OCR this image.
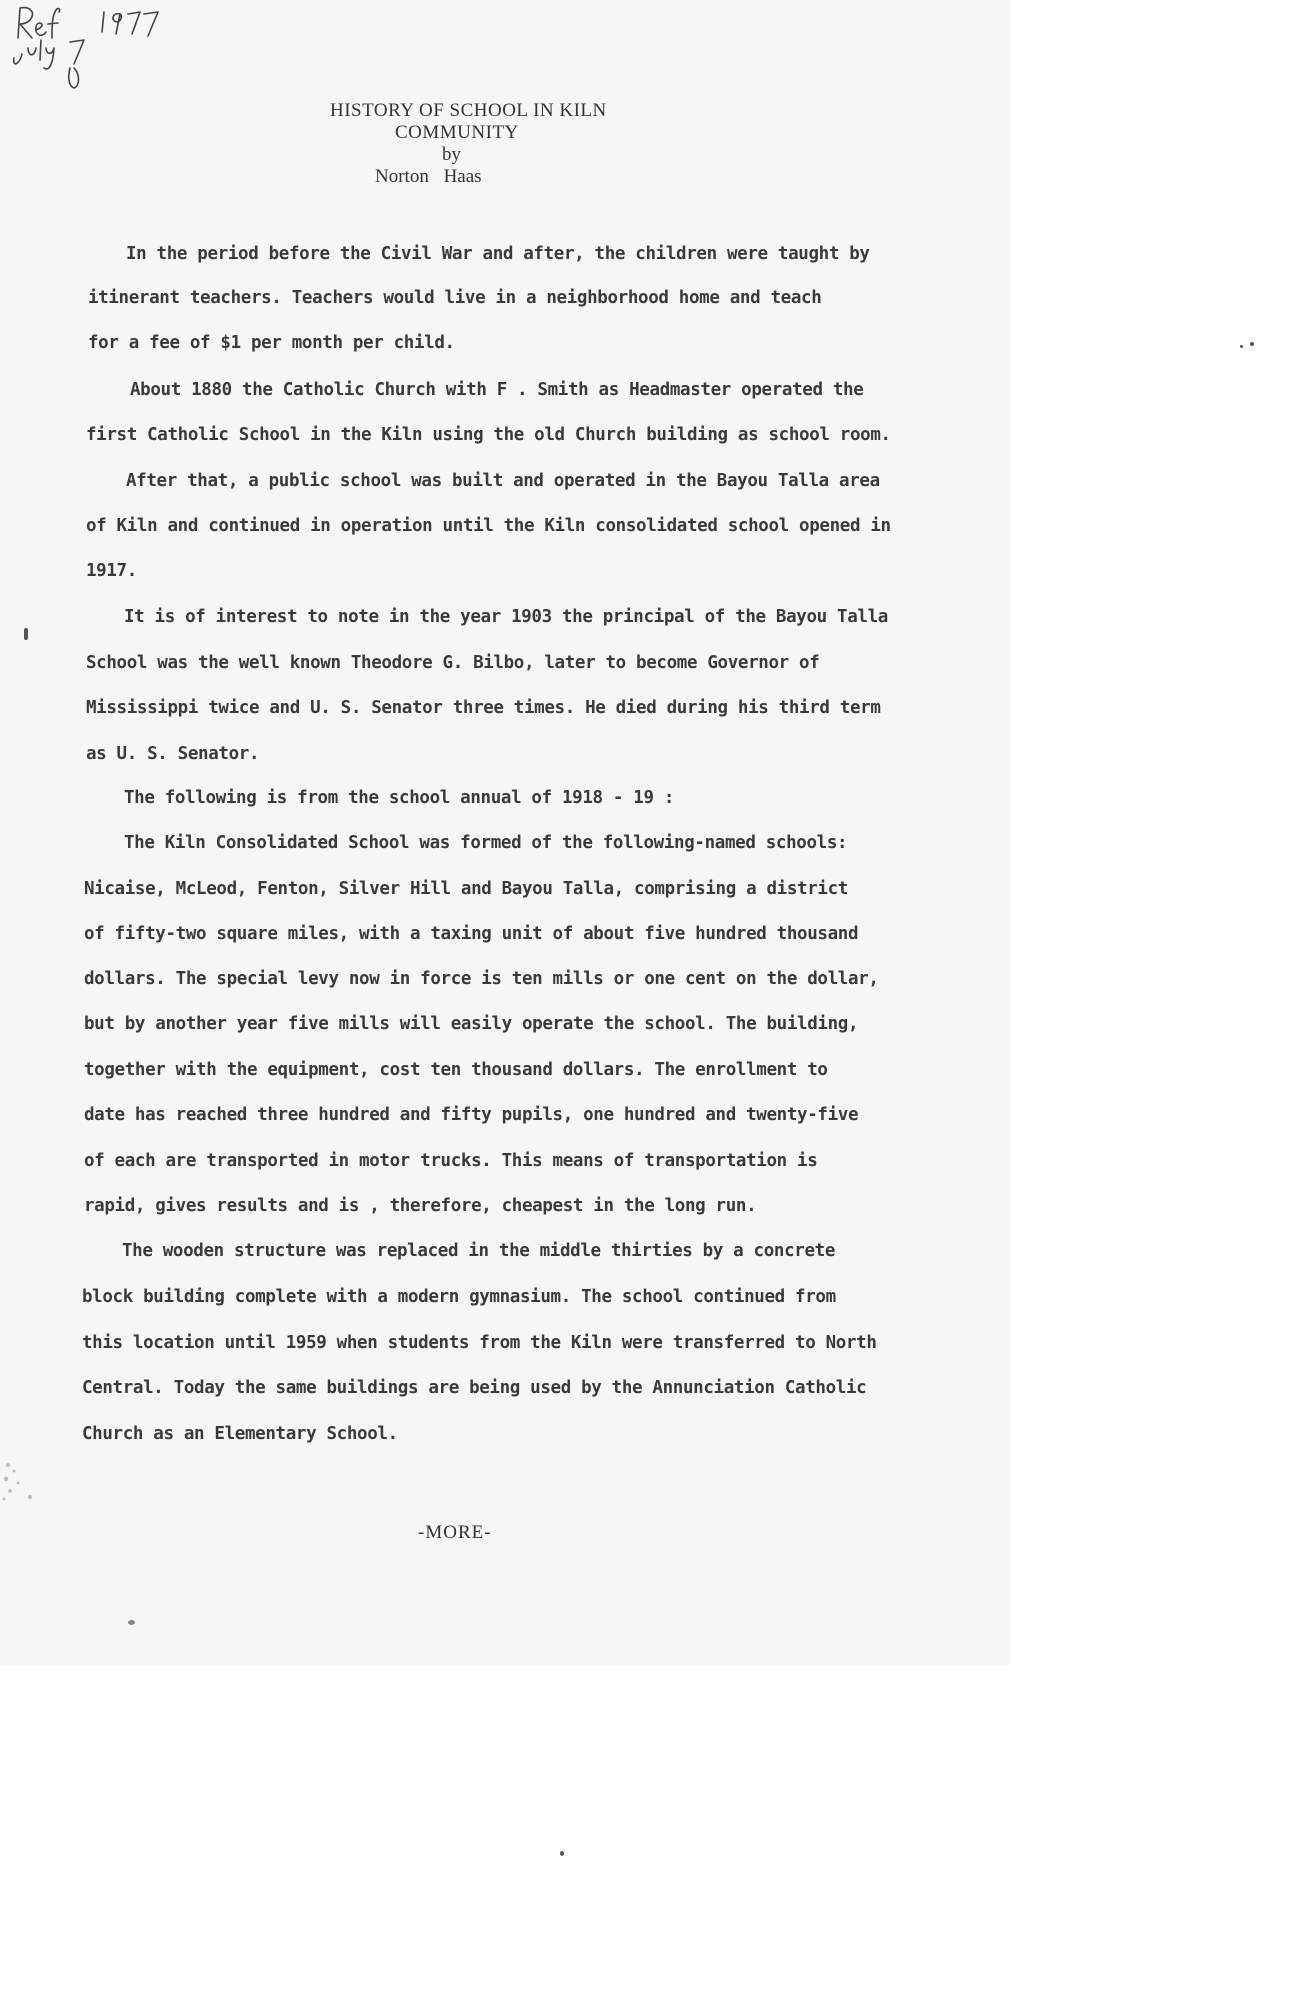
HISTORY OF SCHOOL IN KILN
COMMUNITY
by
Norton Haas
In the period before the Civil War and after, the children were taught by
itinerant teachers. Teachers would live in a neighborhood home and teach
for a fee of $1 per month per child.
About 1880 the Catholic Church with F . Smith as Headmaster operated the
first Catholic School in the Kiln using the old Church building as school room.
After that, a public school was built and operated in the Bayou Talla area
of Kiln and continued in operation until the Kiln consolidated school opened in
1917.
It is of interest to note in the year 1903 the principal of the Bayou Talla
School was the well known Theodore G. Bilbo, later to become Governor of
Mississippi twice and U. S. Senator three times. He died during his third term
as U. S. Senator.
The following is from the school annual of 1918 - 19 :
The Kiln Consolidated School was formed of the following-named schools:
Nicaise, McLeod, Fenton, Silver Hill and Bayou Talla, comprising a district
of fifty-two square miles, with a taxing unit of about five hundred thousand
dollars. The special levy now in force is ten mills or one cent on the dollar,
but by another year five mills will easily operate the school. The building,
together with the equipment, cost ten thousand dollars. The enrollment to
date has reached three hundred and fifty pupils, one hundred and twenty-five
of each are transported in motor trucks. This means of transportation is
rapid, gives results and is , therefore, cheapest in the long run.
The wooden structure was replaced in the middle thirties by a concrete
block building complete with a modern gymnasium. The school continued from
this location until 1959 when students from the Kiln were transferred to North
Central. Today the same buildings are being used by the Annunciation Catholic
Church as an Elementary School.
-MORE-
